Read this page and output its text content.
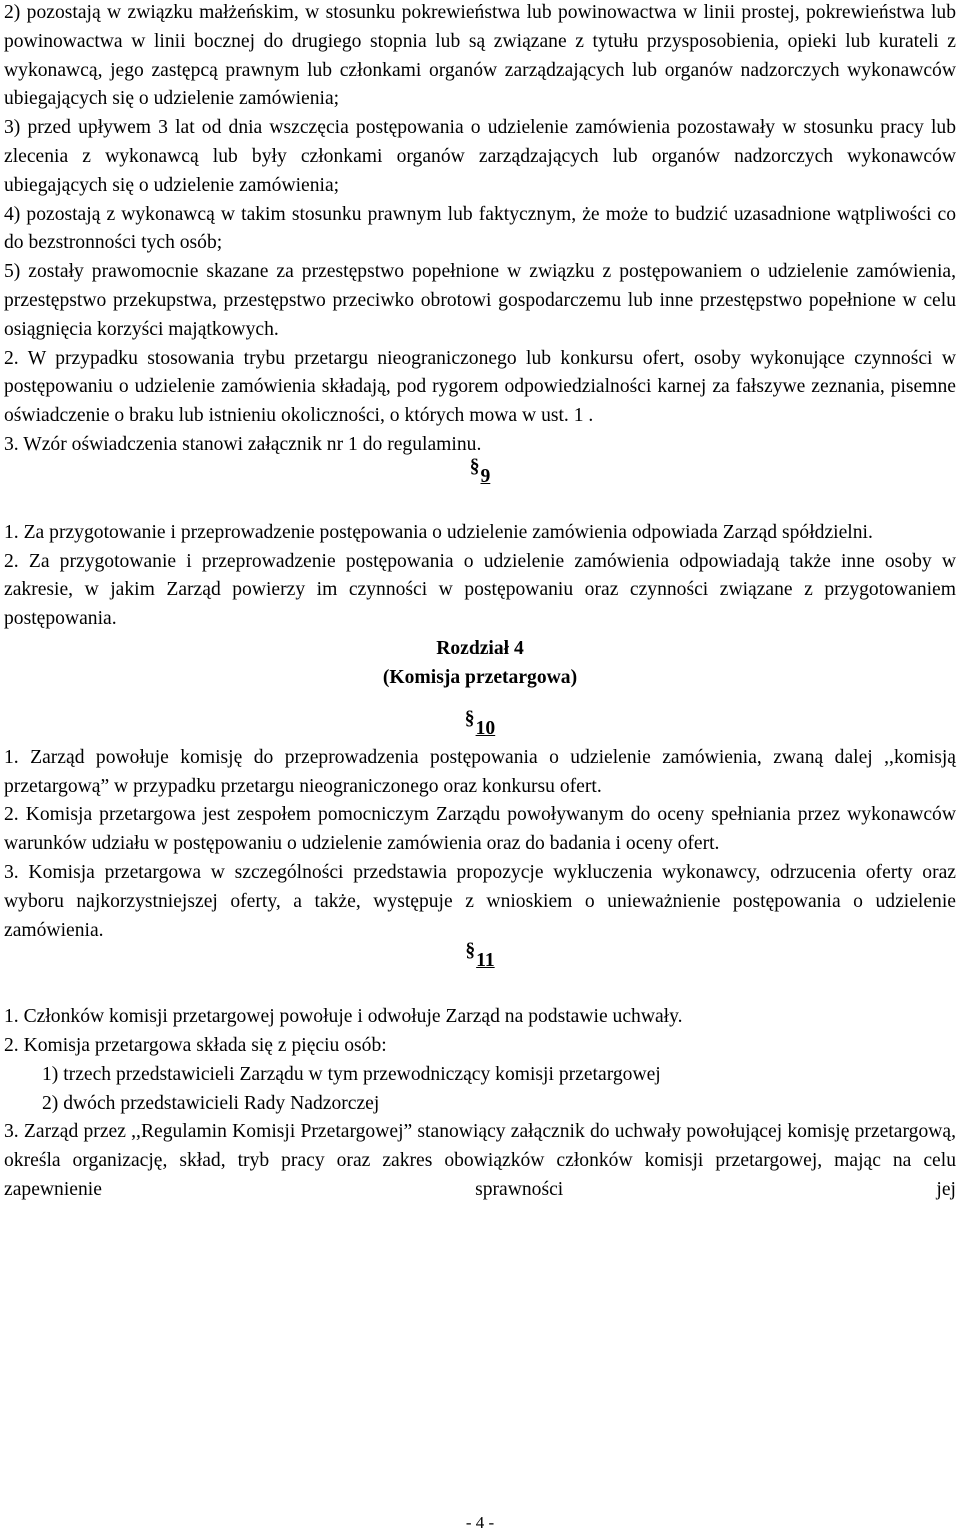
2) pozostają w związku małżeńskim, w stosunku pokrewieństwa lub powinowactwa w linii prostej, pokrewieństwa lub powinowactwa w linii bocznej do drugiego stopnia lub są związane z tytułu przysposobienia, opieki lub kurateli z wykonawcą, jego zastępcą prawnym lub członkami organów zarządzających lub organów nadzorczych wykonawców ubiegających się o udzielenie zamówienia;

3) przed upływem 3 lat od dnia wszczęcia postępowania o udzielenie zamówienia pozostawały w stosunku pracy lub zlecenia z wykonawcą lub były członkami organów zarządzających lub organów nadzorczych wykonawców ubiegających się o udzielenie zamówienia;

4) pozostają z wykonawcą w takim stosunku prawnym lub faktycznym, że może to budzić uzasadnione wątpliwości co do bezstronności tych osób;

5) zostały prawomocnie skazane za przestępstwo popełnione w związku z postępowaniem o udzielenie zamówienia, przestępstwo przekupstwa, przestępstwo przeciwko obrotowi gospodarczemu lub inne przestępstwo popełnione w celu osiągnięcia korzyści majątkowych.

2. W przypadku stosowania trybu przetargu nieograniczonego lub konkursu ofert, osoby wykonujące czynności w postępowaniu o udzielenie zamówienia składają, pod rygorem odpowiedzialności karnej za fałszywe zeznania, pisemne oświadczenie o braku lub istnieniu okoliczności, o których mowa w ust. 1 .

3. Wzór oświadczenia stanowi załącznik nr 1 do regulaminu.

§9

1. Za przygotowanie i przeprowadzenie postępowania o udzielenie zamówienia odpowiada Zarząd spółdzielni.

2. Za przygotowanie i przeprowadzenie postępowania o udzielenie zamówienia odpowiadają także inne osoby w zakresie, w jakim Zarząd powierzy im czynności w postępowaniu oraz czynności związane z przygotowaniem postępowania.

Rozdział 4

(Komisja przetargowa)

§10

1. Zarząd powołuje komisję do przeprowadzenia postępowania o udzielenie zamówienia, zwaną dalej ,,komisją przetargową” w przypadku przetargu nieograniczonego oraz konkursu ofert.

2. Komisja przetargowa jest zespołem pomocniczym Zarządu powoływanym do oceny spełniania przez wykonawców warunków udziału w postępowaniu o udzielenie zamówienia oraz do badania i oceny ofert.

3. Komisja przetargowa w szczególności przedstawia propozycje wykluczenia wykonawcy, odrzucenia oferty oraz wyboru najkorzystniejszej oferty, a także, występuje z wnioskiem o unieważnienie postępowania o udzielenie zamówienia.

§11

1. Członków komisji przetargowej powołuje i odwołuje Zarząd na podstawie uchwały.

2. Komisja przetargowa składa się z pięciu osób:

1) trzech przedstawicieli Zarządu w tym przewodniczący komisji przetargowej

2) dwóch przedstawicieli Rady Nadzorczej

3. Zarząd przez ,,Regulamin Komisji Przetargowej” stanowiący załącznik do uchwały powołującej komisję przetargową, określa organizację, skład, tryb pracy oraz zakres obowiązków członków komisji przetargowej, mając na celu zapewnienie sprawności jej

- 4 -
